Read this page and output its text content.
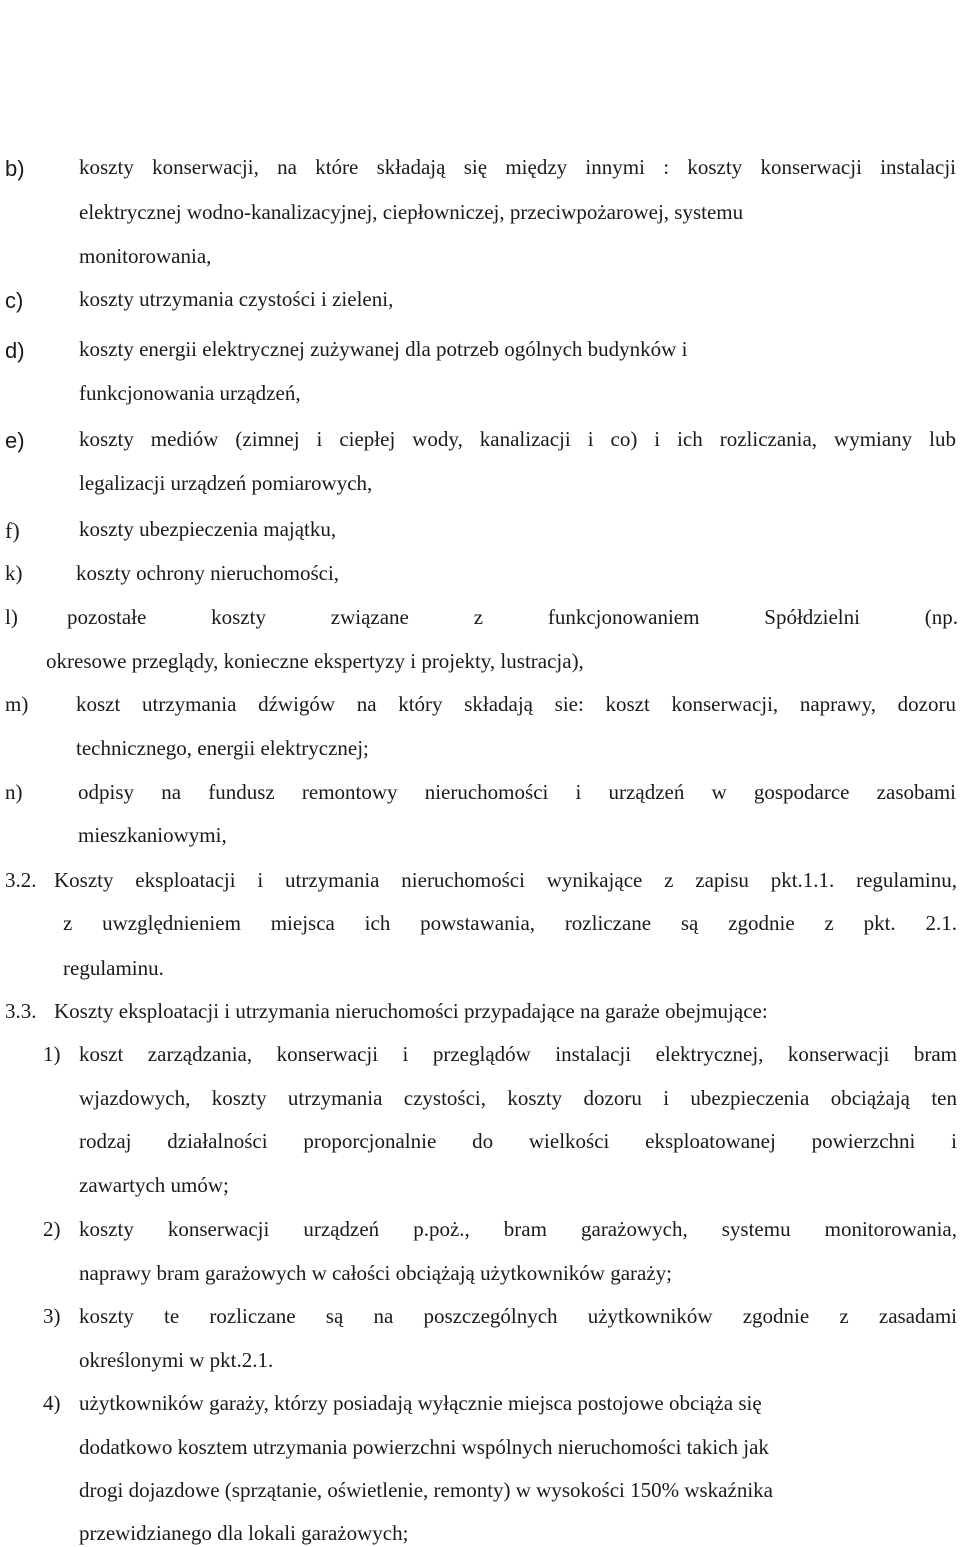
b)	koszty konserwacji, na które składają się między innymi : koszty konserwacji instalacji
elektrycznej wodno-kanalizacyjnej, ciepłowniczej, przeciwpożarowej, systemu
monitorowania,
c)	koszty utrzymania czystości i zieleni,
d)	koszty energii elektrycznej zużywanej dla potrzeb ogólnych budynków i
funkcjonowania urządzeń,
e)	koszty mediów (zimnej i ciepłej wody, kanalizacji i co) i ich rozliczania, wymiany lub
legalizacji urządzeń pomiarowych,
f)	koszty ubezpieczenia majątku,
k)	koszty ochrony nieruchomości,
l) pozostałe koszty związane z funkcjonowaniem Spółdzielni (np.
okresowe przeglądy, konieczne ekspertyzy i projekty, lustracja),
m) koszt utrzymania dźwigów na który składają sie: koszt konserwacji, naprawy, dozoru
technicznego, energii elektrycznej;
n)	odpisy na fundusz remontowy nieruchomości i urządzeń w gospodarce zasobami
mieszkaniowymi,
3.2. Koszty eksploatacji i utrzymania nieruchomości wynikające z zapisu pkt.1.1. regulaminu,
z uwzględnieniem miejsca ich powstawania, rozliczane są zgodnie z pkt. 2.1.
regulaminu.
3.3. Koszty eksploatacji i utrzymania nieruchomości przypadające na garaże obejmujące:
1) koszt zarządzania, konserwacji i przeglądów instalacji elektrycznej, konserwacji bram
wjazdowych, koszty utrzymania czystości, koszty dozoru i ubezpieczenia obciążają ten
rodzaj działalności proporcjonalnie do wielkości eksploatowanej powierzchni i
zawartych umów;
2) koszty konserwacji urządzeń p.poż., bram garażowych, systemu monitorowania,
naprawy bram garażowych w całości obciążają użytkowników garaży;
3) koszty te rozliczane są na poszczególnych użytkowników zgodnie z zasadami
określonymi w pkt.2.1.
4) użytkowników garaży, którzy posiadają wyłącznie miejsca postojowe obciąża się
dodatkowo kosztem utrzymania powierzchni wspólnych nieruchomości takich jak
drogi dojazdowe (sprzątanie, oświetlenie, remonty) w wysokości 150% wskaźnika
przewidzianego dla lokali garażowych;
